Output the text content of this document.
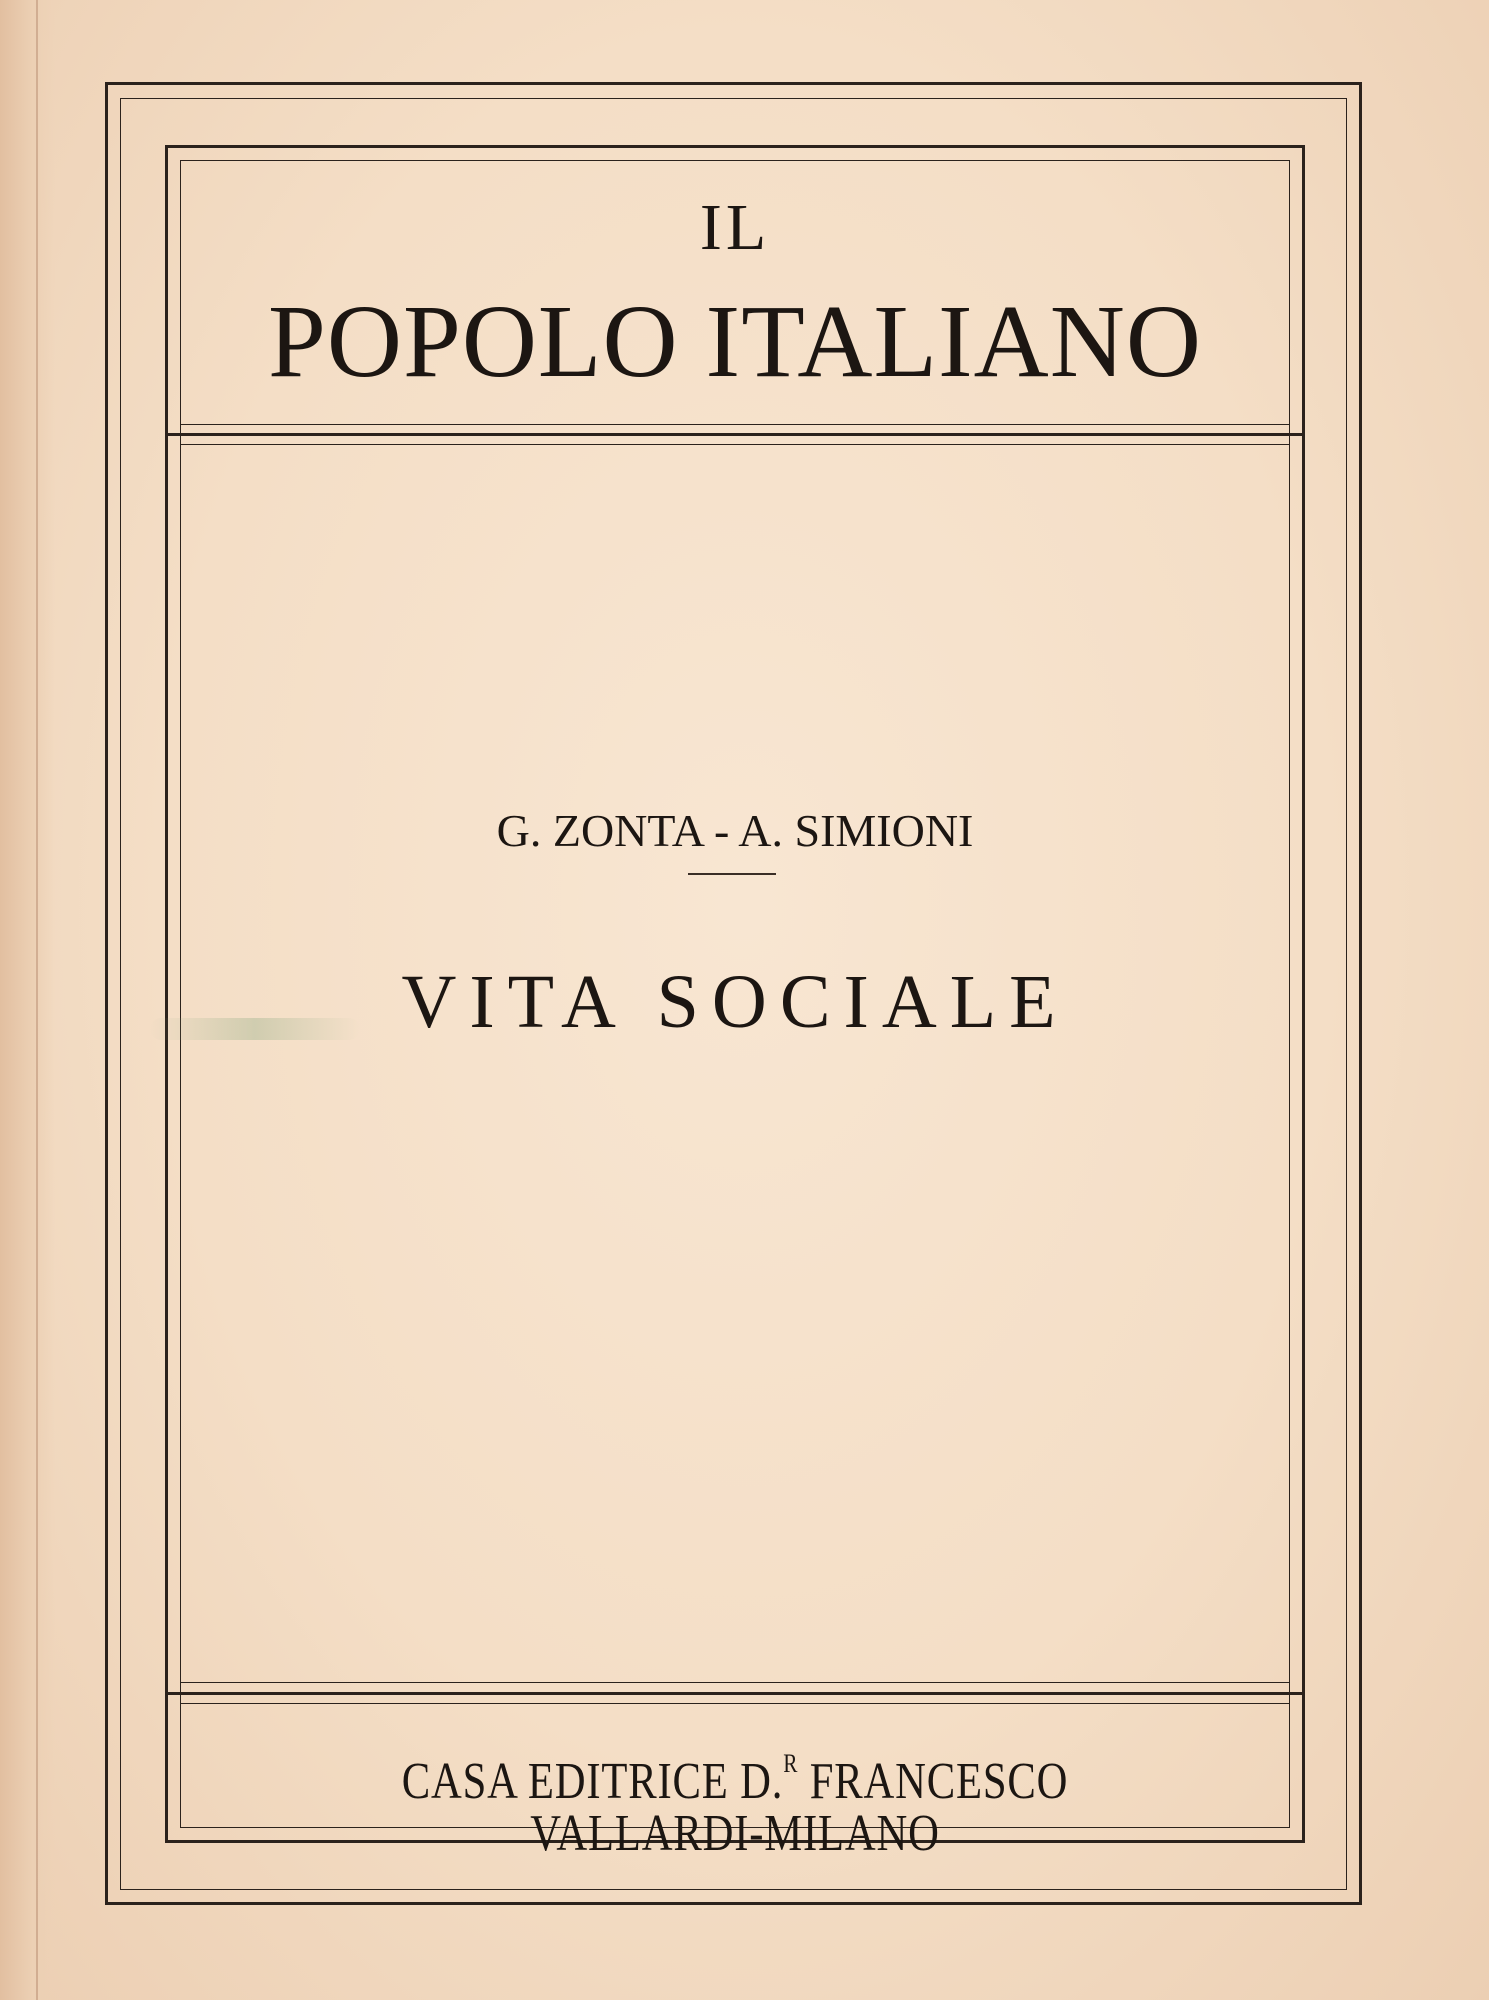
IL
POPOLO ITALIANO
G. ZONTA - A. SIMIONI
VITA SOCIALE
CASA EDITRICE D.$^R$ FRANCESCO VALLARDI-MILANO
